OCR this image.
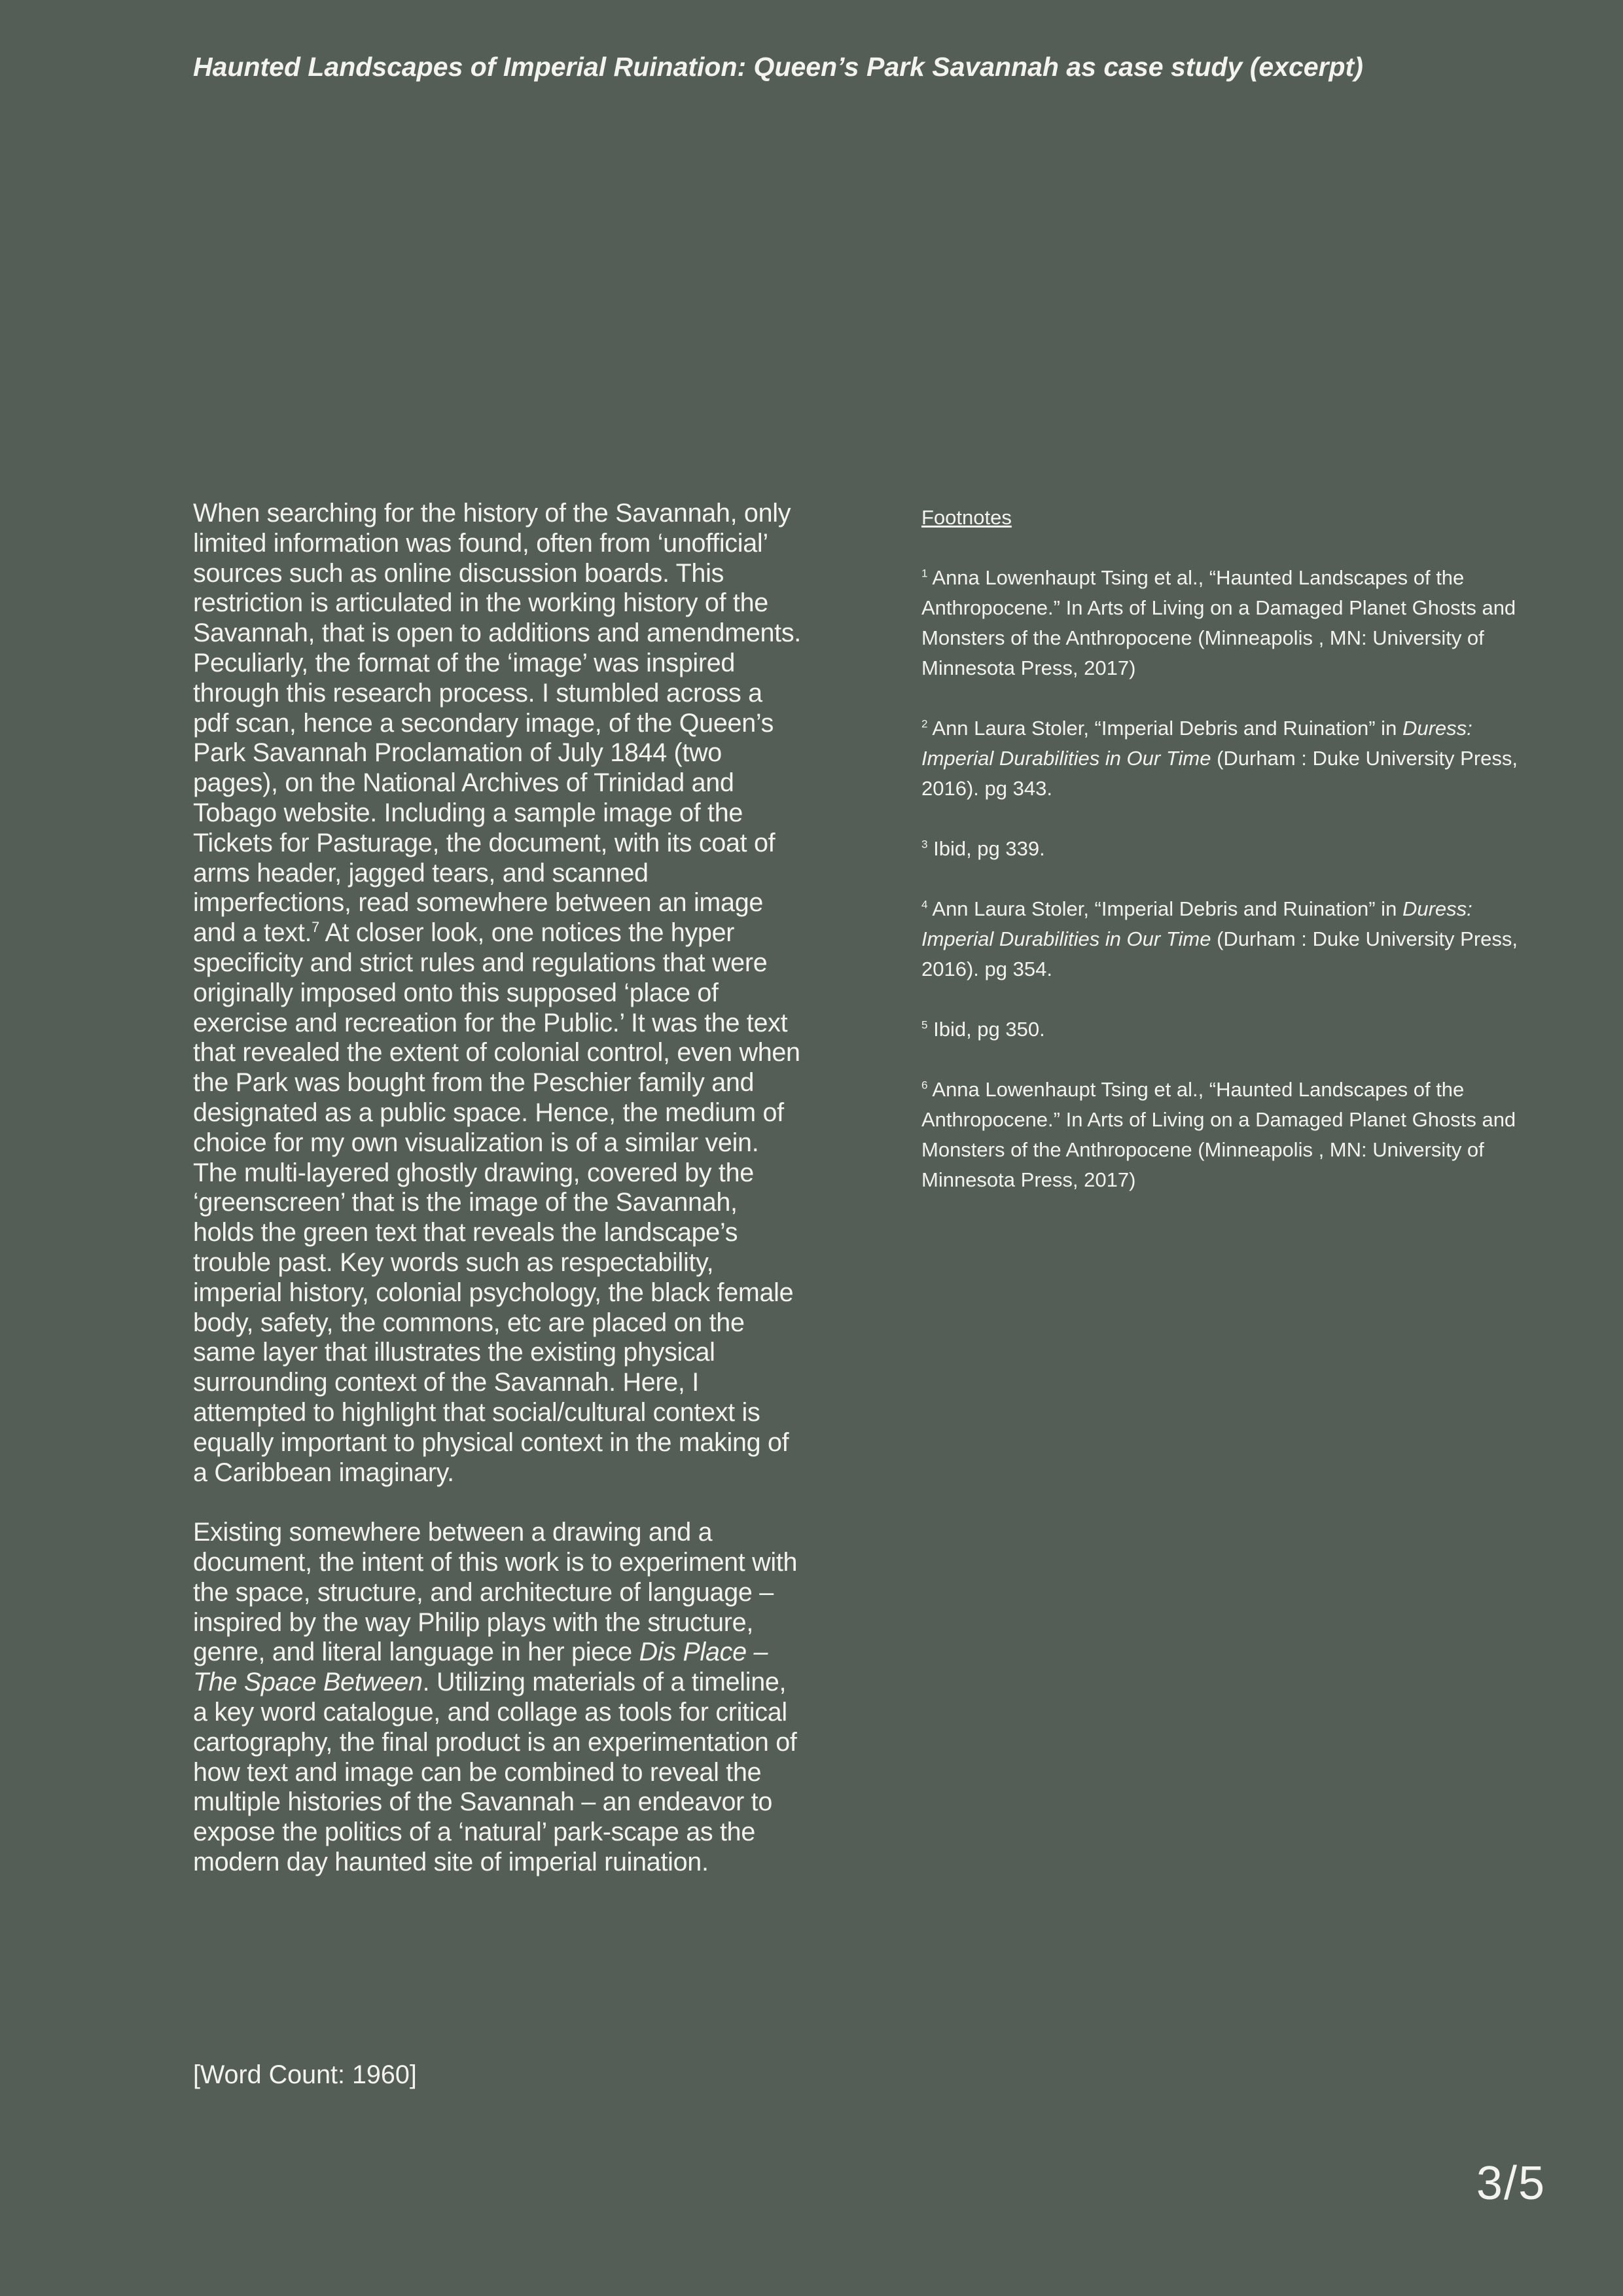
Haunted Landscapes of Imperial Ruination: Queen’s Park Savannah as case study (excerpt)

When searching for the history of the Savannah, only limited information was found, often from ‘unofficial’ sources such as online discussion boards. This restriction is articulated in the working history of the Savannah, that is open to additions and amendments. Peculiarly, the format of the ‘image’ was inspired through this research process. I stumbled across a pdf scan, hence a secondary image, of the Queen’s Park Savannah Proclamation of July 1844 (two pages), on the National Archives of Trinidad and Tobago website. Including a sample image of the Tickets for Pasturage, the document, with its coat of arms header, jagged tears, and scanned imperfections, read somewhere between an image and a text.$^7$ At closer look, one notices the hyper specificity and strict rules and regulations that were originally imposed onto this supposed ‘place of exercise and recreation for the Public.’ It was the text that revealed the extent of colonial control, even when the Park was bought from the Peschier family and designated as a public space. Hence, the medium of choice for my own visualization is of a similar vein. The multi-layered ghostly drawing, covered by the ‘greenscreen’ that is the image of the Savannah, holds the green text that reveals the landscape’s trouble past. Key words such as respectability, imperial history, colonial psychology, the black female body, safety, the commons, etc are placed on the same layer that illustrates the existing physical surrounding context of the Savannah. Here, I attempted to highlight that social/cultural context is equally important to physical context in the making of a Caribbean imaginary.

Existing somewhere between a drawing and a document, the intent of this work is to experiment with the space, structure, and architecture of language – inspired by the way Philip plays with the structure, genre, and literal language in her piece Dis Place – The Space Between. Utilizing materials of a timeline, a key word catalogue, and collage as tools for critical cartography, the final product is an experimentation of how text and image can be combined to reveal the multiple histories of the Savannah – an endeavor to expose the politics of a ‘natural’ park-scape as the modern day haunted site of imperial ruination.

[Word Count: 1960]
Footnotes
$^1$ Anna Lowenhaupt Tsing et al., “Haunted Landscapes of the Anthropocene.” In Arts of Living on a Damaged Planet Ghosts and Monsters of the Anthropocene (Minneapolis , MN: University of Minnesota Press, 2017)
$^2$ Ann Laura Stoler, “Imperial Debris and Ruination” in Duress: Imperial Durabilities in Our Time (Durham : Duke University Press, 2016). pg 343.
$^3$ Ibid, pg 339.
$^4$ Ann Laura Stoler, “Imperial Debris and Ruination” in Duress: Imperial Durabilities in Our Time (Durham : Duke University Press, 2016). pg 354.
$^5$ Ibid, pg 350.
$^6$ Anna Lowenhaupt Tsing et al., “Haunted Landscapes of the Anthropocene.” In Arts of Living on a Damaged Planet Ghosts and Monsters of the Anthropocene (Minneapolis , MN: University of Minnesota Press, 2017)
3/5
